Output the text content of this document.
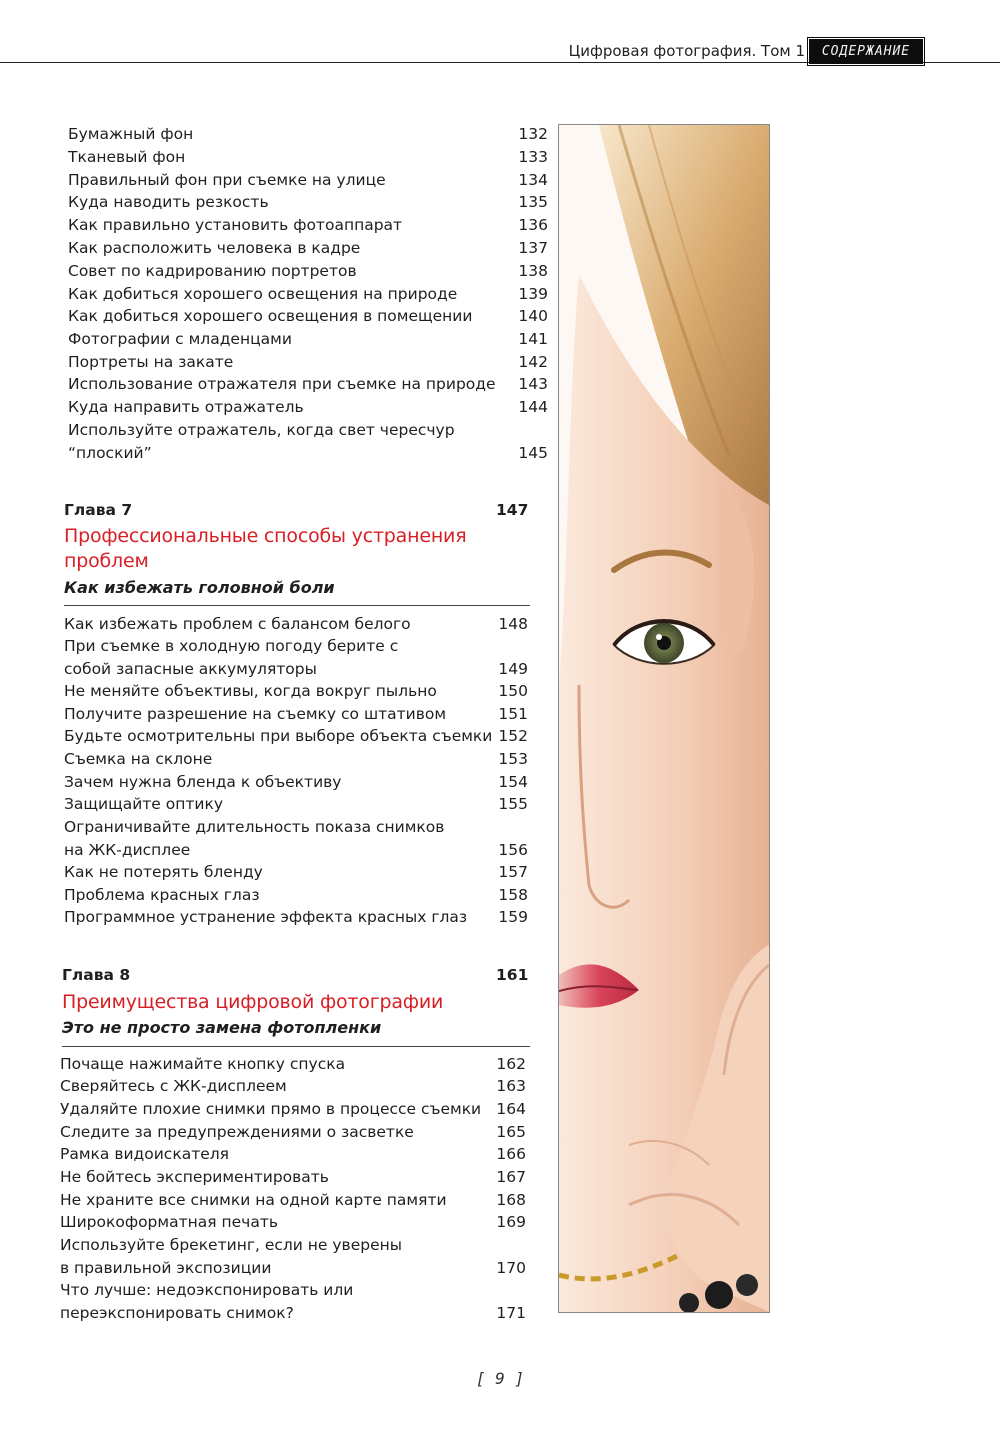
Цифровая фотография. Том 1	СОДЕРЖАНИЕ
Бумажный фон	132
Тканевый фон	133
Правильный фон при съемке на улице	134
Куда наводить резкость	135
Как правильно установить фотоаппарат	136
Как расположить человека в кадре	137
Совет по кадрированию портретов	138
Как добиться хорошего освещения на природе	139
Как добиться хорошего освещения в помещении	140
Фотографии с младенцами	141
Портреты на закате	142
Использование отражателя при съемке на природе	143
Куда направить отражатель	144
Используйте отражатель, когда свет чересчур “плоский”	145
Глава 7	147
Профессиональные способы устранения проблем
Как избежать головной боли
Как избежать проблем с балансом белого	148
При съемке в холодную погоду берите с собой запасные аккумуляторы	149
Не меняйте объективы, когда вокруг пыльно	150
Получите разрешение на съемку со штативом	151
Будьте осмотрительны при выборе объекта съемки 152
Съемка на склоне	153
Зачем нужна бленда к объективу	154
Защищайте оптику	155
Ограничивайте длительность показа снимков на ЖК-дисплее	156
Как не потерять бленду	157
Проблема красных глаз	158
Программное устранение эффекта красных глаз	159
Глава 8	161
Преимущества цифровой фотографии
Это не просто замена фотопленки
Почаще нажимайте кнопку спуска	162
Сверяйтесь с ЖК-дисплеем	163
Удаляйте плохие снимки прямо в процессе съемки 164
Следите за предупреждениями о засветке	165
Рамка видоискателя	166
Не бойтесь экспериментировать	167
Не храните все снимки на одной карте памяти	168
Широкоформатная печать	169
Используйте брекетинг, если не уверены в правильной экспозиции	170
Что лучше: недоэкспонировать или переэкспонировать снимок?	171
[ 9 ]
